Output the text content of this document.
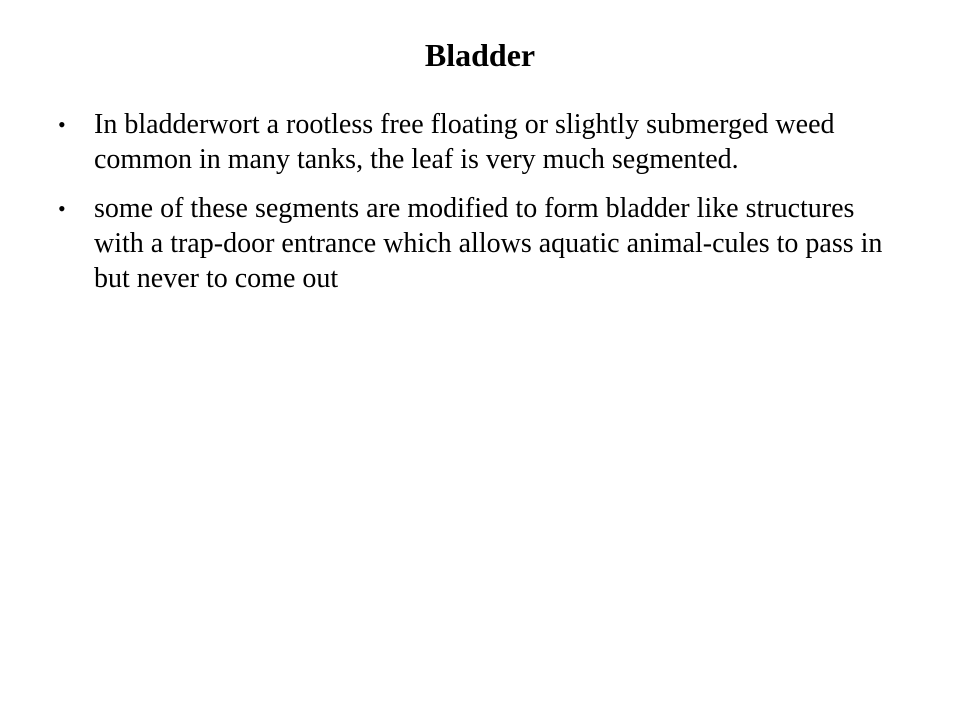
Bladder
• In bladderwort a rootless free floating or slightly submerged weed common in many tanks, the leaf is very much segmented.
• some of these segments are modified to form bladder like structures with a trap-door entrance which allows aquatic animal-cules to pass in but never to come out
